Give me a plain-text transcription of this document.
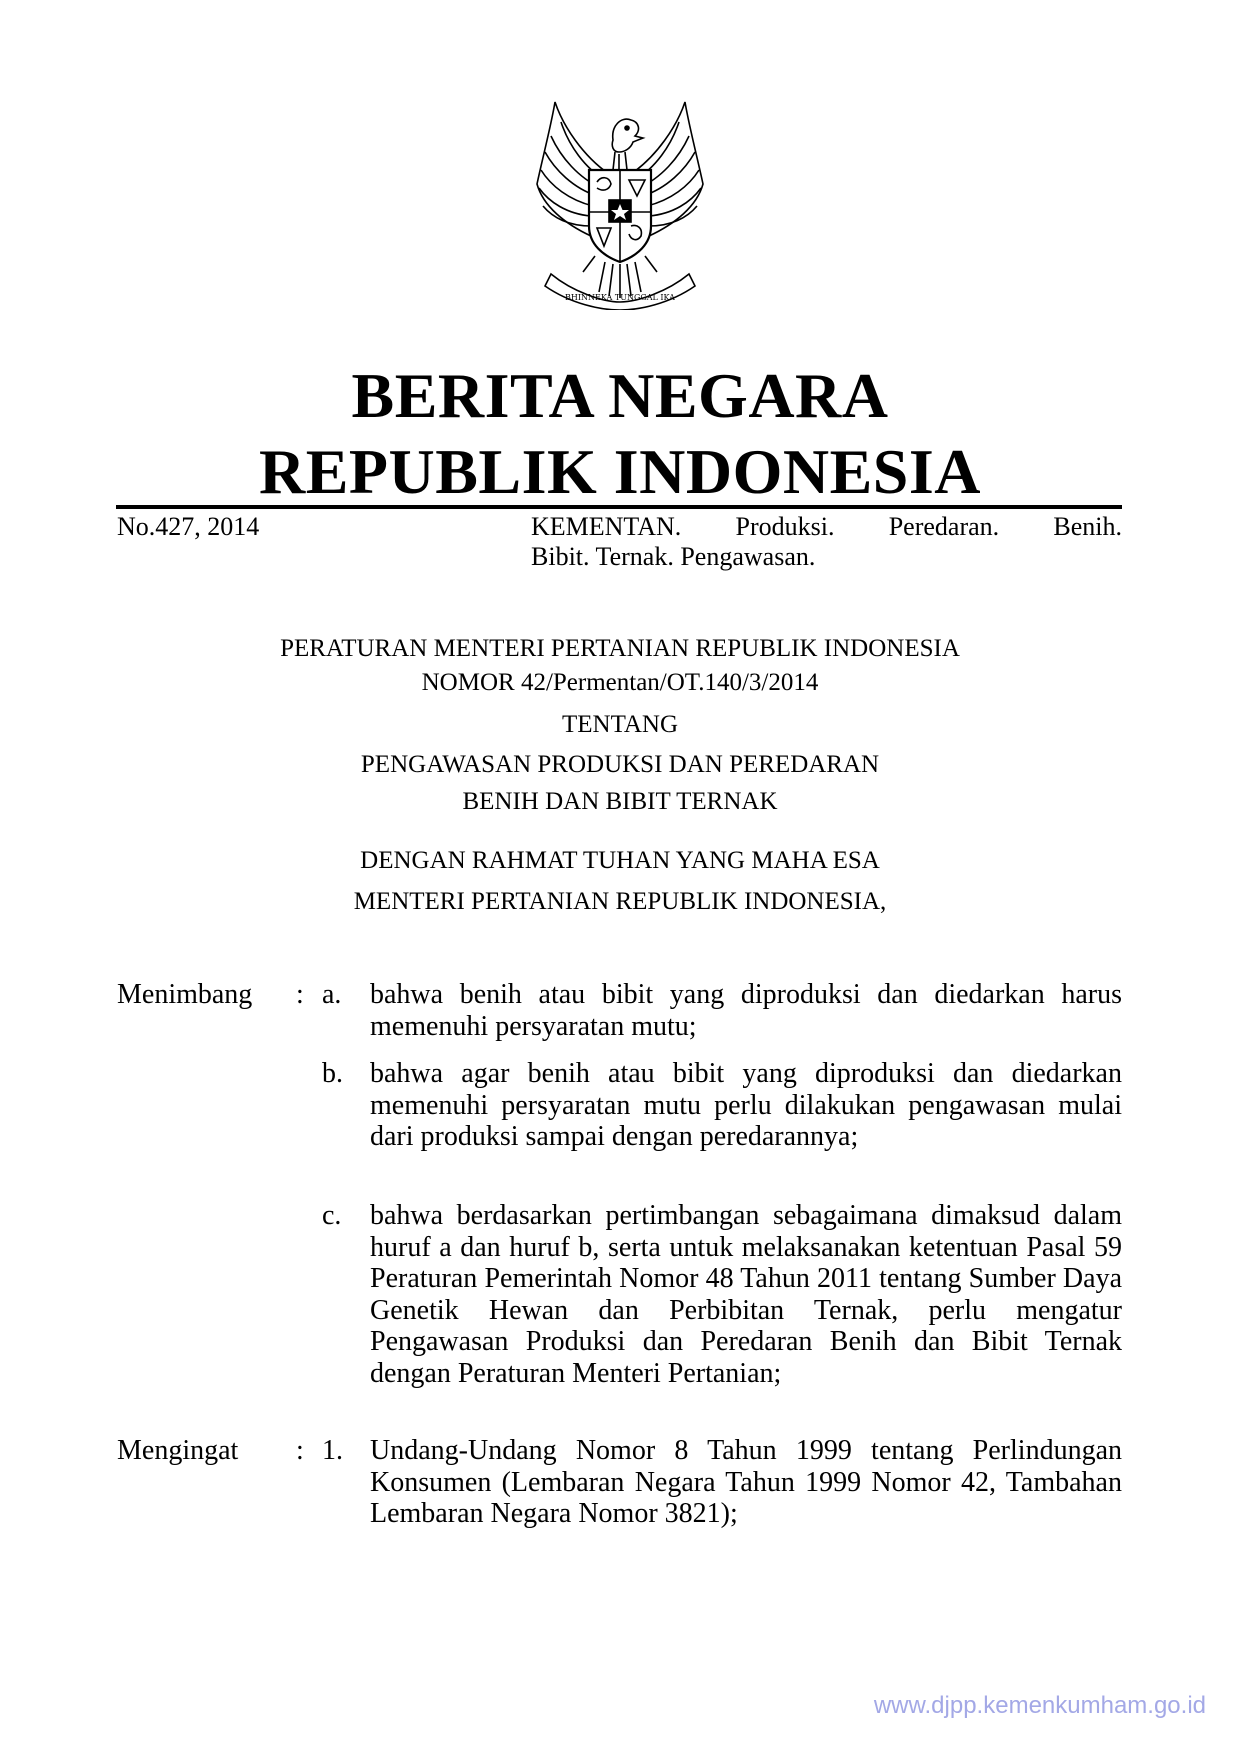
BHINNEKA TUNGGAL IKA
BERITA NEGARA
REPUBLIK INDONESIA
No.427, 2014	KEMENTAN. Produksi. Peredaran. Benih.
Bibit. Ternak. Pengawasan.
PERATURAN MENTERI PERTANIAN REPUBLIK INDONESIA
NOMOR 42/Permentan/OT.140/3/2014
TENTANG
PENGAWASAN PRODUKSI DAN PEREDARAN
BENIH DAN BIBIT TERNAK
DENGAN RAHMAT TUHAN YANG MAHA ESA
MENTERI PERTANIAN REPUBLIK INDONESIA,
Menimbang : a. bahwa benih atau bibit yang diproduksi dan diedarkan harus memenuhi persyaratan mutu;
b. bahwa agar benih atau bibit yang diproduksi dan diedarkan memenuhi persyaratan mutu perlu dilakukan pengawasan mulai dari produksi sampai dengan peredarannya;
c. bahwa berdasarkan pertimbangan sebagaimana dimaksud dalam huruf a dan huruf b, serta untuk melaksanakan ketentuan Pasal 59 Peraturan Pemerintah Nomor 48 Tahun 2011 tentang Sumber Daya Genetik Hewan dan Perbibitan Ternak, perlu mengatur Pengawasan Produksi dan Peredaran Benih dan Bibit Ternak dengan Peraturan Menteri Pertanian;
Mengingat : 1. Undang-Undang Nomor 8 Tahun 1999 tentang Perlindungan Konsumen (Lembaran Negara Tahun 1999 Nomor 42, Tambahan Lembaran Negara Nomor 3821);
www.djpp.kemenkumham.go.id
